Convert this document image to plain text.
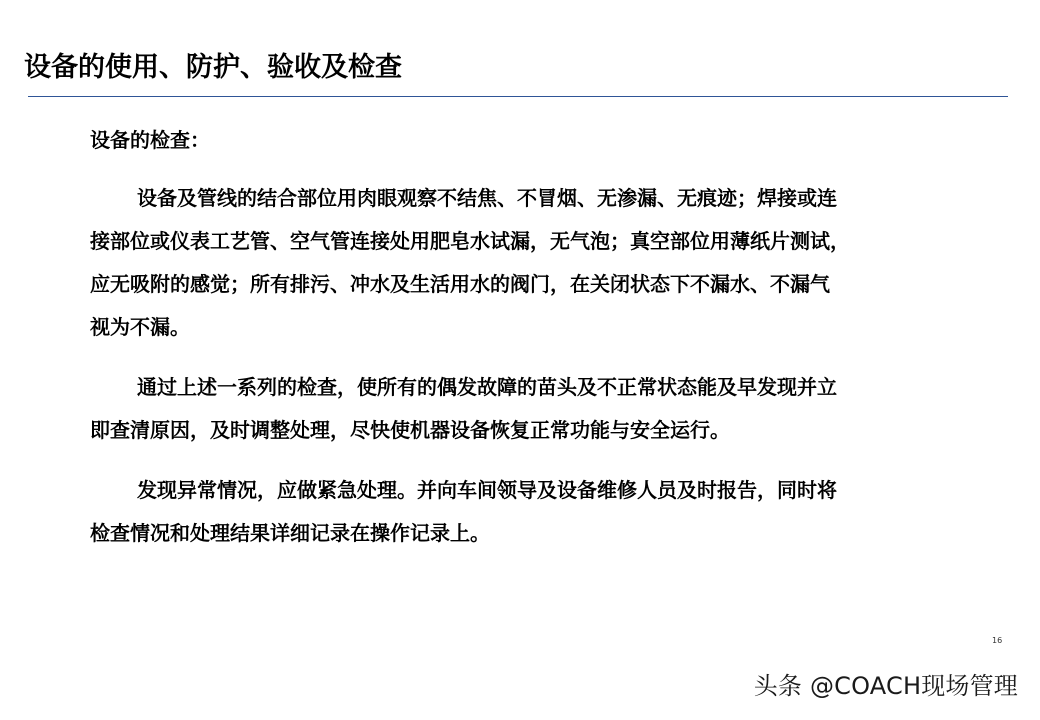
设备的使用、防护、验收及检查
设备的检查：
设备及管线的结合部位用肉眼观察不结焦、不冒烟、无渗漏、无痕迹；焊接或连
接部位或仪表工艺管、空气管连接处用肥皂水试漏，无气泡；真空部位用薄纸片测试，
应无吸附的感觉；所有排污、冲水及生活用水的阀门，在关闭状态下不漏水、不漏气
视为不漏。
通过上述一系列的检查，使所有的偶发故障的苗头及不正常状态能及早发现并立
即查清原因，及时调整处理，尽快使机器设备恢复正常功能与安全运行。
发现异常情况，应做紧急处理。并向车间领导及设备维修人员及时报告，同时将
检查情况和处理结果详细记录在操作记录上。
16
头条 @COACH现场管理
